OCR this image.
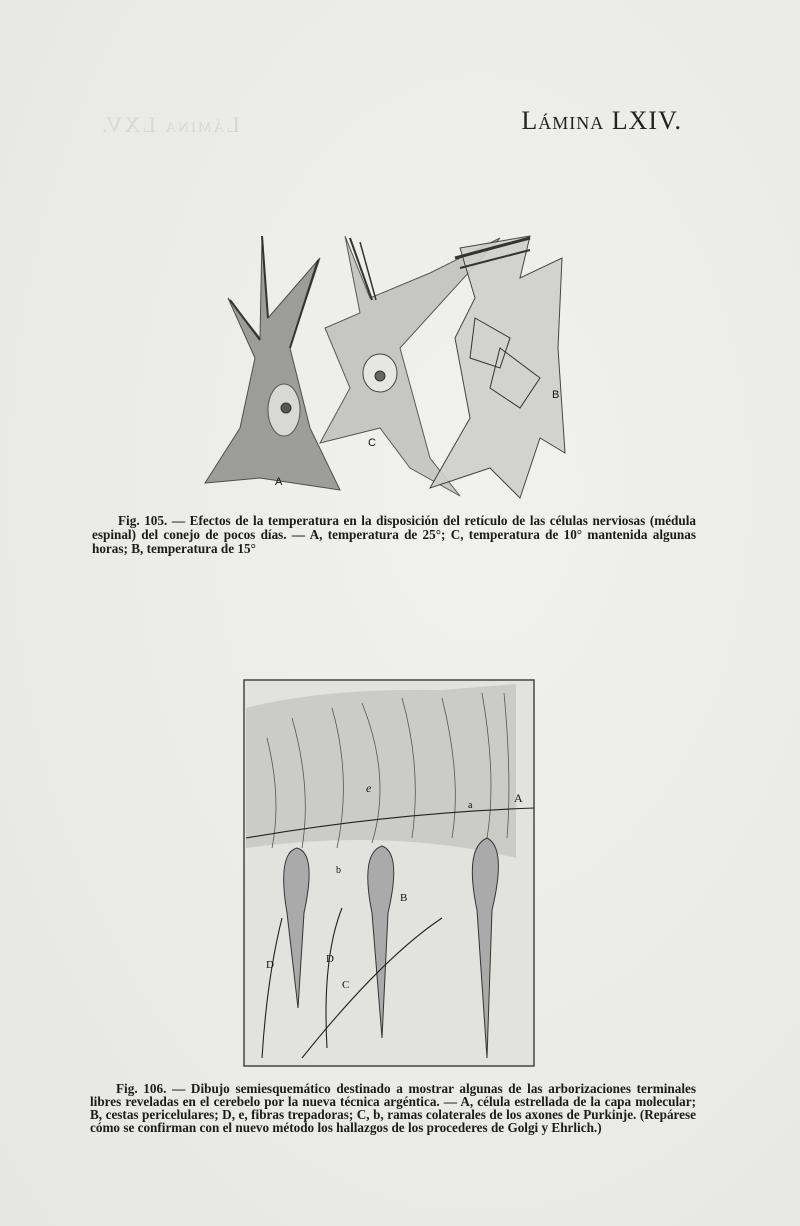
Lámina LXV.	Lámina LXIV.
A
C
B
Fig. 105. — Efectos de la temperatura en la disposición del retículo de las células nerviosas (médula espinal) del conejo de pocos días. — A, temperatura de 25°; C, temperatura de 10° mantenida algunas horas; B, temperatura de 15°
A
a
e
b
B
D	D
C
Fig. 106. — Dibujo semiesquemático destinado a mostrar algunas de las arborizaciones terminales libres reveladas en el cerebelo por la nueva técnica argéntica. — A, célula estrellada de la capa molecular; B, cestas pericelulares; D, e, fibras trepadoras; C, b, ramas colaterales de los axones de Purkinje. (Repárese cómo se confirman con el nuevo método los hallazgos de los procederes de Golgi y Ehrlich.)
